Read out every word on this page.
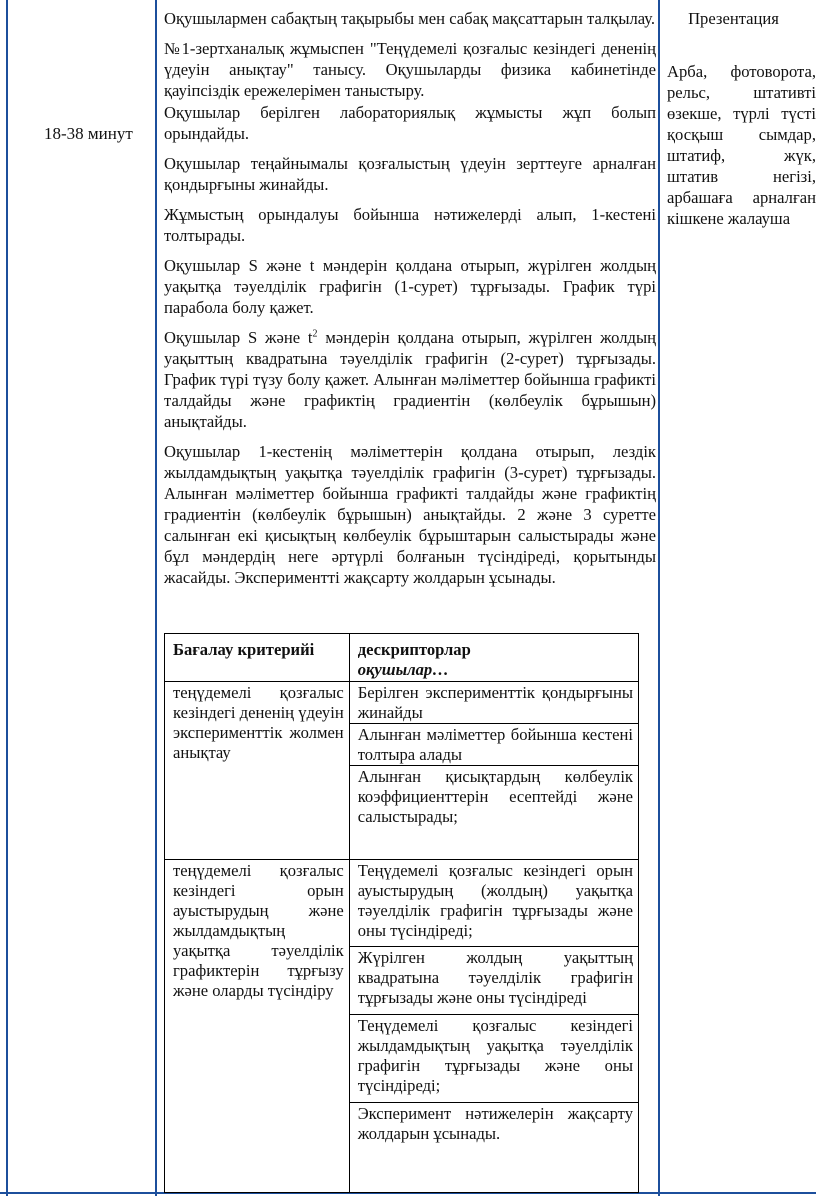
18-38 минут

Оқушылармен сабақтың тақырыбы мен сабақ мақсаттарын талқылау.

№1-зертханалық жұмыспен "Теңүдемелі қозғалыс кезіндегі дененің үдеуін анықтау" танысу. Оқушыларды физика кабинетінде қауіпсіздік ережелерімен таныстыру.

Оқушылар берілген лабораториялық жұмысты жұп болып орындайды.

Оқушылар теңайнымалы қозғалыстың үдеуін зерттеуге арналған қондырғыны жинайды.

Жұмыстың орындалуы бойынша нәтижелерді алып, 1-кестені толтырады.

Оқушылар S және t мәндерін қолдана отырып, жүрілген жолдың уақытқа тәуелділік графигін (1-сурет) тұрғызады. График түрі парабола болу қажет.

Оқушылар S және $t^2$ мәндерін қолдана отырып, жүрілген жолдың уақыттың квадратына тәуелділік графигін (2-сурет) тұрғызады. График түрі түзу болу қажет. Алынған мәліметтер бойынша графикті талдайды және графиктің градиентін (көлбеулік бұрышын) анықтайды.

Оқушылар 1-кестенің мәліметтерін қолдана отырып, лездік жылдамдықтың уақытқа тәуелділік графигін (3-сурет) тұрғызады. Алынған мәліметтер бойынша графикті талдайды және графиктің градиентін (көлбеулік бұрышын) анықтайды. 2 және 3 суретте салынған екі қисықтың көлбеулік бұрыштарын салыстырады және бұл мәндердің неге әртүрлі болғанын түсіндіреді, қорытынды жасайды. Экспериментті жақсарту жолдарын ұсынады.

Презентация

Арба, фотоворота, рельс, штативті өзекше, түрлі түсті қосқыш сымдар, штатиф, жүк, штатив негізі, арбашаға арналған кішкене жалауша

Бағалау критерийі	дескрипторлар
оқушылар…
теңүдемелі қозғалыс кезіндегі дененің үдеуін эксперименттік жолмен анықтау	Берілген эксперименттік қондырғыны жинайды
	Алынған мәліметтер бойынша кестені толтыра алады
	Алынған қисықтардың көлбеулік коэффициенттерін есептейді және салыстырады;
теңүдемелі қозғалыс кезіндегі орын ауыстырудың және жылдамдықтың уақытқа тәуелділік графиктерін тұрғызу және оларды түсіндіру	Теңүдемелі қозғалыс кезіндегі орын ауыстырудың (жолдың) уақытқа тәуелділік графигін тұрғызады және оны түсіндіреді;
	Жүрілген жолдың уақыттың квадратына тәуелділік графигін тұрғызады және оны түсіндіреді
	Теңүдемелі қозғалыс кезіндегі жылдамдықтың уақытқа тәуелділік графигін тұрғызады және оны түсіндіреді;
	Эксперимент нәтижелерін жақсарту жолдарын ұсынады.
